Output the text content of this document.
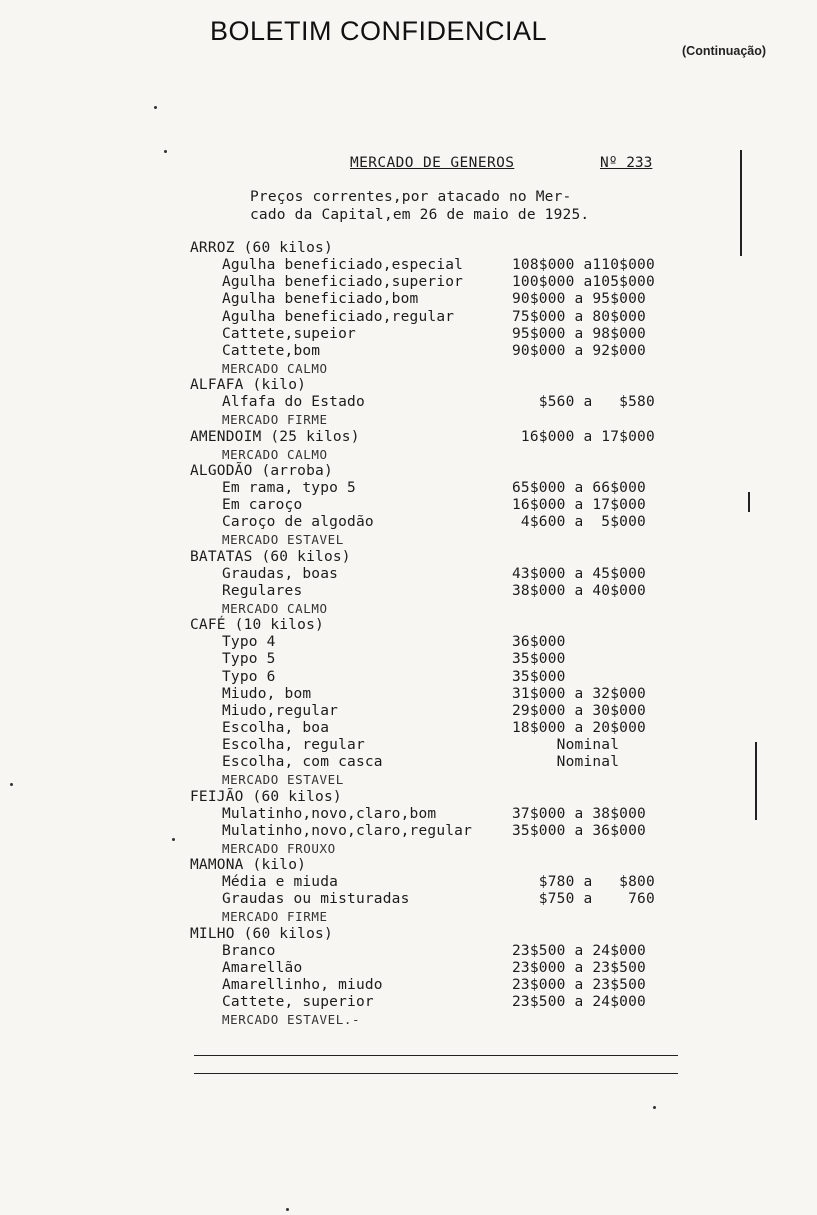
BOLETIM CONFIDENCIAL
(Continuação)
MERCADO DE GENEROS	Nº 233
Preços correntes,por atacado no Mer-
cado da Capital,em 26 de maio de 1925.
ARROZ (60 kilos)
Agulha beneficiado,especial	108$000 a110$000
Agulha beneficiado,superior	100$000 a105$000
Agulha beneficiado,bom	90$000 a 95$000
Agulha beneficiado,regular	75$000 a 80$000
Cattete,supeior	95$000 a 98$000
Cattete,bom	90$000 a 92$000
MERCADO CALMO
ALFAFA (kilo)
Alfafa do Estado	$560 a   $580
MERCADO FIRME
AMENDOIM (25 kilos)	16$000 a 17$000
MERCADO CALMO
ALGODÃO (arroba)
Em rama, typo 5	65$000 a 66$000
Em caroço	16$000 a 17$000
Caroço de algodão	4$600 a  5$000
MERCADO ESTAVEL
BATATAS (60 kilos)
Graudas, boas	43$000 a 45$000
Regulares	38$000 a 40$000
MERCADO CALMO
CAFÉ (10 kilos)
Typo 4	36$000
Typo 5	35$000
Typo 6	35$000
Miudo, bom	31$000 a 32$000
Miudo,regular	29$000 a 30$000
Escolha, boa	18$000 a 20$000
Escolha, regular	Nominal
Escolha, com casca	Nominal
MERCADO ESTAVEL
FEIJÃO (60 kilos)
Mulatinho,novo,claro,bom	37$000 a 38$000
Mulatinho,novo,claro,regular	35$000 a 36$000
MERCADO FROUXO
MAMONA (kilo)
Média e miuda	$780 a   $800
Graudas ou misturadas	$750 a    760
MERCADO FIRME
MILHO (60 kilos)
Branco	23$500 a 24$000
Amarellão	23$000 a 23$500
Amarellinho, miudo	23$000 a 23$500
Cattete, superior	23$500 a 24$000
MERCADO ESTAVEL.-
